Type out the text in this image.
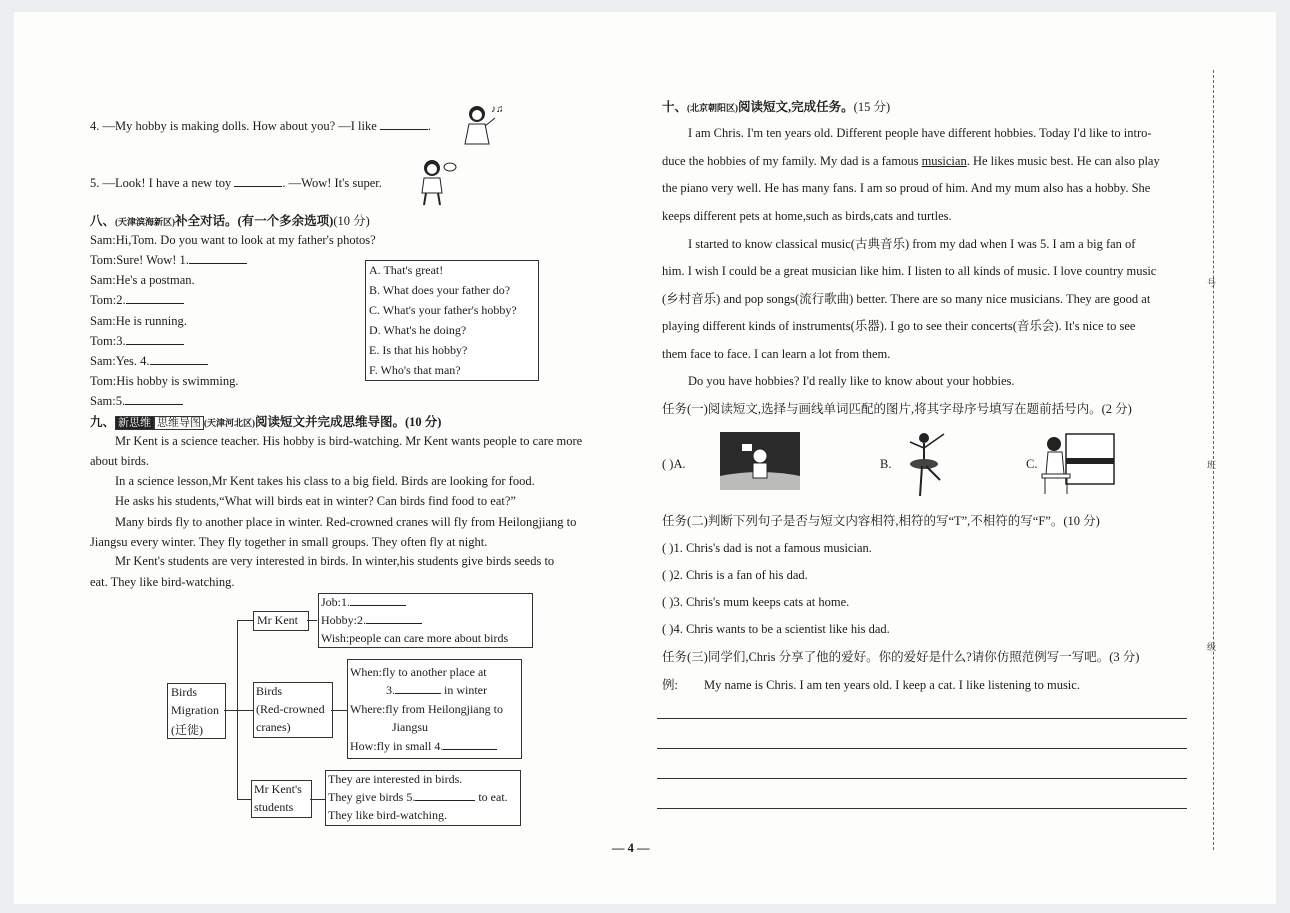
4. —My hobby is making dolls. How about you? —I like	.
♪♫
5. —Look! I have a new toy	. —Wow! It's super.
八、(天津滨海新区)补全对话。(有一个多余选项)(10 分)
Sam:Hi,Tom. Do you want to look at my father's photos?
Tom:Sure! Wow! 1.
Sam:He's a postman.
Tom:2.
Sam:He is running.
Tom:3.
Sam:Yes. 4.
Tom:His hobby is swimming.
Sam:5.
A. That's great!
B. What does your father do?
C. What's your father's hobby?
D. What's he doing?
E. Is that his hobby?
F. Who's that man?
九、 新思维 思维导图 (天津河北区)阅读短文并完成思维导图。(10 分)
Mr Kent is a science teacher. His hobby is bird-watching. Mr Kent wants people to care more
about birds.
In a science lesson,Mr Kent takes his class to a big field. Birds are looking for food.
He asks his students,“What will birds eat in winter? Can birds find food to eat?”
Many birds fly to another place in winter. Red-crowned cranes will fly from Heilongjiang to
Jiangsu every winter. They fly together in small groups. They often fly at night.
Mr Kent's students are very interested in birds. In winter,his students give birds seeds to
eat. They like bird-watching.
Birds
Migration
(迁徙)
Mr Kent
Job:1.
Hobby:2.
Wish:people can care more about birds
Birds
(Red-crowned
cranes)
When:fly to another place at
3.	in winter
Where:fly from Heilongjiang to
Jiangsu
How:fly in small 4.
Mr Kent's
students
They are interested in birds.
They give birds 5.	to eat.
They like bird-watching.
十、(北京朝阳区)阅读短文,完成任务。(15 分)
I am Chris. I'm ten years old. Different people have different hobbies. Today I'd like to intro-
duce the hobbies of my family. My dad is a famous musician. He likes music best. He can also play
the piano very well. He has many fans. I am so proud of him. And my mum also has a hobby. She
keeps different pets at home,such as birds,cats and turtles.
I started to know classical music(古典音乐) from my dad when I was 5. I am a big fan of
him. I wish I could be a great musician like him. I listen to all kinds of music. I love country music
(乡村音乐) and pop songs(流行歌曲) better. There are so many nice musicians. They are good at
playing different kinds of instruments(乐器). I go to see their concerts(音乐会). It's nice to see
them face to face. I can learn a lot from them.
Do you have hobbies? I'd really like to know about your hobbies.
任务(一)阅读短文,选择与画线单词匹配的图片,将其字母序号填写在题前括号内。(2 分)
( )A.	B.	C.
任务(二)判断下列句子是否与短文内容相符,相符的写“T”,不相符的写“F”。(10 分)
( )1. Chris's dad is not a famous musician.
( )2. Chris is a fan of his dad.
( )3. Chris's mum keeps cats at home.
( )4. Chris wants to be a scientist like his dad.
任务(三)同学们,Chris 分享了他的爱好。你的爱好是什么?请你仿照范例写一写吧。(3 分)
例: My name is Chris. I am ten years old. I keep a cat. I like listening to music.
— 4 —
号
班
级
